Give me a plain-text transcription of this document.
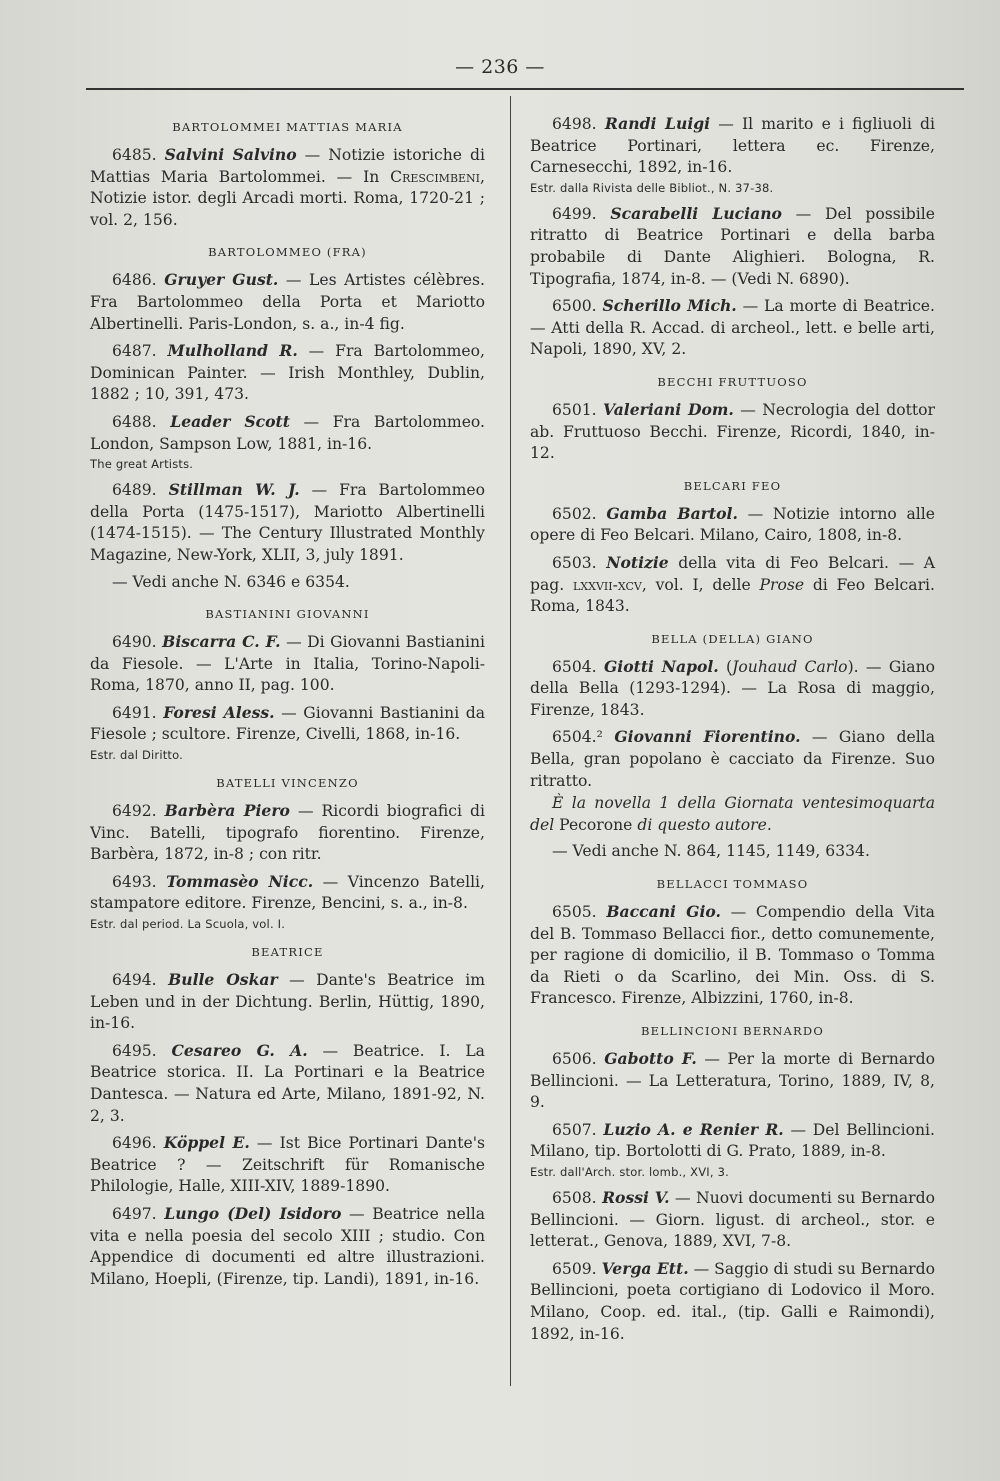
— 236 —
BARTOLOMMEI MATTIAS MARIA

6485. Salvini Salvino — Notizie istoriche di Mattias Maria Bartolommei. — In Crescimbeni, Notizie istor. degli Arcadi morti. Roma, 1720-21 ; vol. 2, 156.

BARTOLOMMEO (FRA)

6486. Gruyer Gust. — Les Artistes célèbres. Fra Bartolommeo della Porta et Mariotto Albertinelli. Paris-London, s. a., in-4 fig.

6487. Mulholland R. — Fra Bartolommeo, Dominican Painter. — Irish Monthley, Dublin, 1882 ; 10, 391, 473.

6488. Leader Scott — Fra Bartolommeo. London, Sampson Low, 1881, in-16.

The great Artists.

6489. Stillman W. J. — Fra Bartolommeo della Porta (1475-1517), Mariotto Albertinelli (1474-1515). — The Century Illustrated Monthly Magazine, New-York, XLII, 3, july 1891.

— Vedi anche N. 6346 e 6354.

BASTIANINI GIOVANNI

6490. Biscarra C. F. — Di Giovanni Bastianini da Fiesole. — L'Arte in Italia, Torino-Napoli-Roma, 1870, anno II, pag. 100.

6491. Foresi Aless. — Giovanni Bastianini da Fiesole ; scultore. Firenze, Civelli, 1868, in-16.

Estr. dal Diritto.
BATELLI VINCENZO

6492. Barbèra Piero — Ricordi biografici di Vinc. Batelli, tipografo fiorentino. Firenze, Barbèra, 1872, in-8 ; con ritr.

6493. Tommasèo Nicc. — Vincenzo Batelli, stampatore editore. Firenze, Bencini, s. a., in-8.

Estr. dal period. La Scuola, vol. I.
BEATRICE

6494. Bulle Oskar — Dante's Beatrice im Leben und in der Dichtung. Berlin, Hüttig, 1890, in-16.

6495. Cesareo G. A. — Beatrice. I. La Beatrice storica. II. La Portinari e la Beatrice Dantesca. — Natura ed Arte, Milano, 1891-92, N. 2, 3.

6496. Köppel E. — Ist Bice Portinari Dante's Beatrice ? — Zeitschrift für Romanische Philologie, Halle, XIII-XIV, 1889-1890.

6497. Lungo (Del) Isidoro — Beatrice nella vita e nella poesia del secolo XIII ; studio. Con Appendice di documenti ed altre illustrazioni. Milano, Hoepli, (Firenze, tip. Landi), 1891, in-16.

6498. Randi Luigi — Il marito e i figliuoli di Beatrice Portinari, lettera ec. Firenze, Carnesecchi, 1892, in-16.

Estr. dalla Rivista delle Bibliot., N. 37-38.

6499. Scarabelli Luciano — Del possibile ritratto di Beatrice Portinari e della barba probabile di Dante Alighieri. Bologna, R. Tipografia, 1874, in-8. — (Vedi N. 6890).

6500. Scherillo Mich. — La morte di Beatrice. — Atti della R. Accad. di archeol., lett. e belle arti, Napoli, 1890, XV, 2.

BECCHI FRUTTUOSO

6501. Valeriani Dom. — Necrologia del dottor ab. Fruttuoso Becchi. Firenze, Ricordi, 1840, in-12.

BELCARI FEO

6502. Gamba Bartol. — Notizie intorno alle opere di Feo Belcari. Milano, Cairo, 1808, in-8.

6503. Notizie della vita di Feo Belcari. — A pag. lxxvii-xcv, vol. I, delle Prose di Feo Belcari. Roma, 1843.

BELLA (DELLA) GIANO

6504. Giotti Napol. (Jouhaud Carlo). — Giano della Bella (1293-1294). — La Rosa di maggio, Firenze, 1843.

6504.² Giovanni Fiorentino. — Giano della Bella, gran popolano è cacciato da Firenze. Suo ritratto.

È la novella 1 della Giornata ventesimoquarta del Pecorone di questo autore.

— Vedi anche N. 864, 1145, 1149, 6334.

BELLACCI TOMMASO

6505. Baccani Gio. — Compendio della Vita del B. Tommaso Bellacci fior., detto comunemente, per ragione di domicilio, il B. Tommaso o Tomma da Rieti o da Scarlino, dei Min. Oss. di S. Francesco. Firenze, Albizzini, 1760, in-8.

BELLINCIONI BERNARDO

6506. Gabotto F. — Per la morte di Bernardo Bellincioni. — La Letteratura, Torino, 1889, IV, 8, 9.

6507. Luzio A. e Renier R. — Del Bellincioni. Milano, tip. Bortolotti di G. Prato, 1889, in-8.

Estr. dall'Arch. stor. lomb., XVI, 3.

6508. Rossi V. — Nuovi documenti su Bernardo Bellincioni. — Giorn. ligust. di archeol., stor. e letterat., Genova, 1889, XVI, 7-8.

6509. Verga Ett. — Saggio di studi su Bernardo Bellincioni, poeta cortigiano di Lodovico il Moro. Milano, Coop. ed. ital., (tip. Galli e Raimondi), 1892, in-16.
